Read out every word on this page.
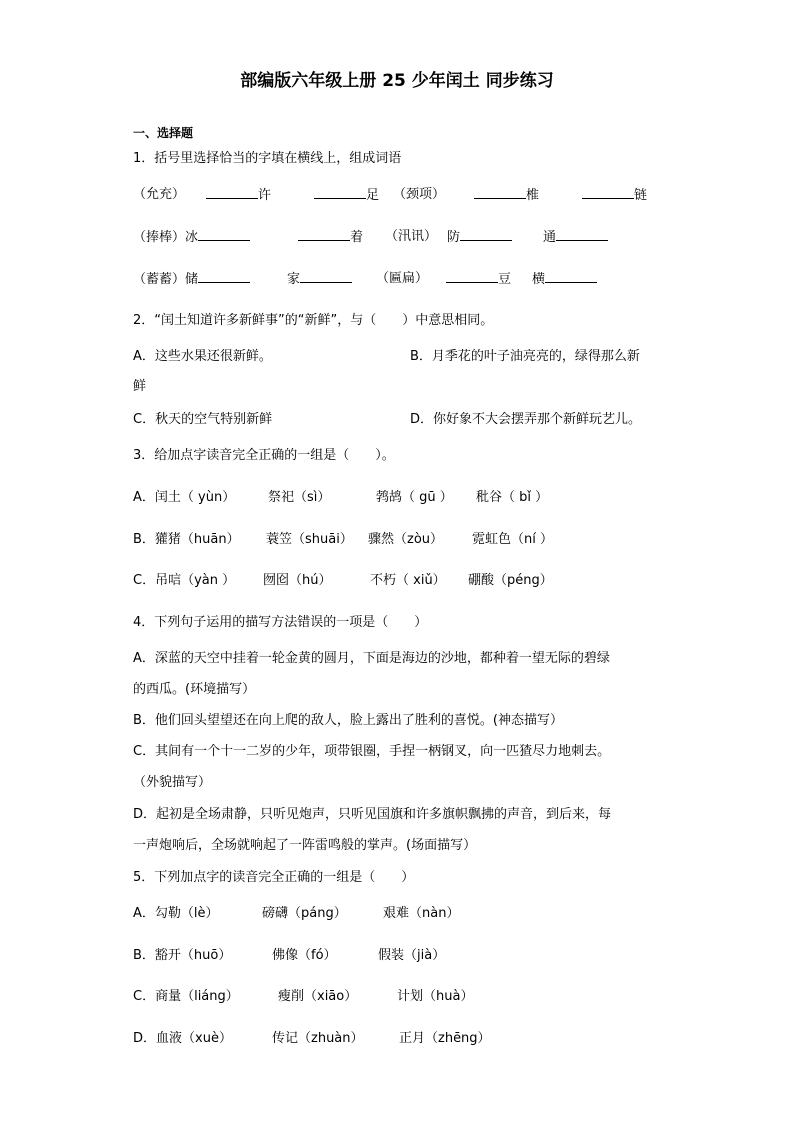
部编版六年级上册 25 少年闰土 同步练习
一、选择题
1．括号里选择恰当的字填在横线上，组成词语
（允充）	许	足 （颈项）	椎	链
（捧棒）冰	着 （汛讯） 防	通
（蓄蓄）储	家	（匾扁）	豆 横
2．“闰土知道许多新鲜事”的“新鲜”，与（　　）中意思相同。
A．这些水果还很新鲜。	B．月季花的叶子油亮亮的，绿得那么新
鲜
C．秋天的空气特别新鲜	D．你好象不大会摆弄那个新鲜玩艺儿。
3．给加点字读音完全正确的一组是（　　）。
A．闰土（ yùn）	祭祀（sì）	鹁鸪（ gū ） 秕谷（ bǐ ）
B．獾猪（huān） 蓑笠（shuāi） 骤然（zòu） 霓虹色（ní ）
C．吊唁（yàn ） 囫囵（hú）	不朽（ xiǔ） 硼酸（péng）
4．下列句子运用的描写方法错误的一项是（　　）
A．深蓝的天空中挂着一轮金黄的圆月，下面是海边的沙地，都种着一望无际的碧绿
的西瓜。(环境描写）
B．他们回头望望还在向上爬的敌人，脸上露出了胜利的喜悦。(神态描写）
C．其间有一个十一二岁的少年，项带银圈，手捏一柄钢叉，向一匹猹尽力地刺去。
（外貌描写）
D．起初是全场肃静，只听见炮声，只听见国旗和许多旗帜飘拂的声音，到后来，每
一声炮响后，全场就响起了一阵雷鸣般的掌声。(场面描写）
5．下列加点字的读音完全正确的一组是（　　）
A．勾勒（lè）	磅礴（páng）	艰难（nàn）
B．豁开（huō）	佛像（fó）	假装（jià）
C．商量（liáng）	瘦削（xiāo）	计划（huà）
D．血液（xuè）	传记（zhuàn）	正月（zhēng）
